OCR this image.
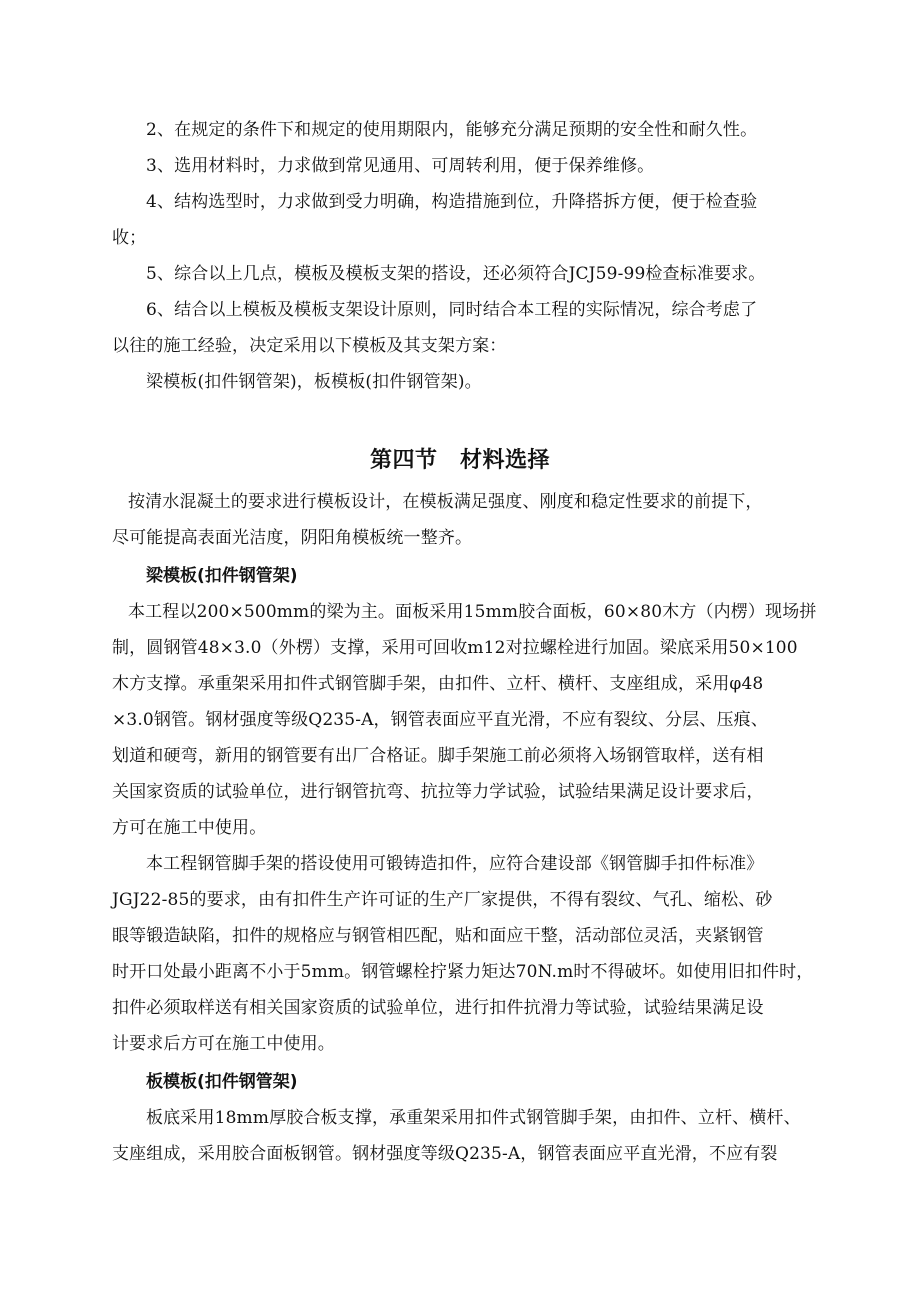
2、在规定的条件下和规定的使用期限内，能够充分满足预期的安全性和耐久性。
3、选用材料时，力求做到常见通用、可周转利用，便于保养维修。
4、结构选型时，力求做到受力明确，构造措施到位，升降搭拆方便，便于检查验
收；
5、综合以上几点，模板及模板支架的搭设，还必须符合JCJ59-99检查标准要求。
6、结合以上模板及模板支架设计原则，同时结合本工程的实际情况，综合考虑了
以往的施工经验，决定采用以下模板及其支架方案：
梁模板(扣件钢管架)，板模板(扣件钢管架)。
第四节　材料选择
按清水混凝土的要求进行模板设计，在模板满足强度、刚度和稳定性要求的前提下，
尽可能提高表面光洁度，阴阳角模板统一整齐。
梁模板(扣件钢管架)
本工程以200×500mm的梁为主。面板采用15mm胶合面板，60×80木方（内楞）现场拼
制，圆钢管48×3.0（外楞）支撑，采用可回收m12对拉螺栓进行加固。梁底采用50×100
木方支撑。承重架采用扣件式钢管脚手架，由扣件、立杆、横杆、支座组成，采用φ48
×3.0钢管。钢材强度等级Q235-A，钢管表面应平直光滑，不应有裂纹、分层、压痕、
划道和硬弯，新用的钢管要有出厂合格证。脚手架施工前必须将入场钢管取样，送有相
关国家资质的试验单位，进行钢管抗弯、抗拉等力学试验，试验结果满足设计要求后，
方可在施工中使用。
本工程钢管脚手架的搭设使用可锻铸造扣件，应符合建设部《钢管脚手扣件标准》
JGJ22-85的要求，由有扣件生产许可证的生产厂家提供，不得有裂纹、气孔、缩松、砂
眼等锻造缺陷，扣件的规格应与钢管相匹配，贴和面应干整，活动部位灵活，夹紧钢管
时开口处最小距离不小于5mm。钢管螺栓拧紧力矩达70N.m时不得破坏。如使用旧扣件时，
扣件必须取样送有相关国家资质的试验单位，进行扣件抗滑力等试验，试验结果满足设
计要求后方可在施工中使用。
板模板(扣件钢管架)
板底采用18mm厚胶合板支撑，承重架采用扣件式钢管脚手架，由扣件、立杆、横杆、
支座组成，采用胶合面板钢管。钢材强度等级Q235-A，钢管表面应平直光滑，不应有裂
